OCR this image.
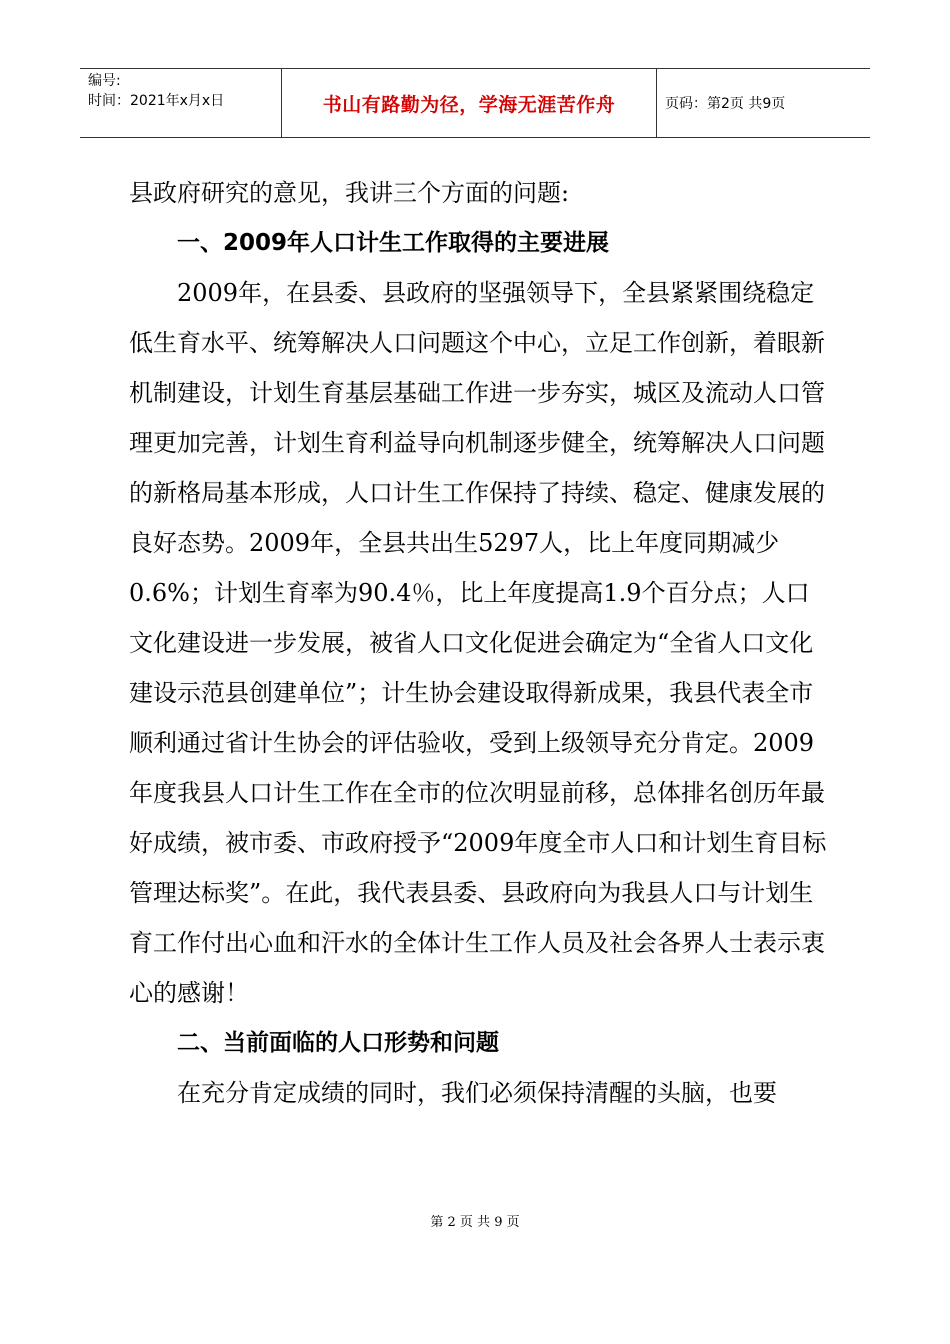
编号:
时间：2021年x月x日	书山有路勤为径，学海无涯苦作舟	页码：第2页 共9页

县政府研究的意见，我讲三个方面的问题:

一、2009年人口计生工作取得的主要进展

2009年，在县委、县政府的坚强领导下，全县紧紧围绕稳定低生育水平、统筹解决人口问题这个中心，立足工作创新，着眼新机制建设，计划生育基层基础工作进一步夯实，城区及流动人口管理更加完善，计划生育利益导向机制逐步健全，统筹解决人口问题的新格局基本形成，人口计生工作保持了持续、稳定、健康发展的良好态势。2009年，全县共出生5297人，比上年度同期减少0.6%；计划生育率为90.4％，比上年度提高1.9个百分点；人口文化建设进一步发展，被省人口文化促进会确定为“全省人口文化建设示范县创建单位”；计生协会建设取得新成果，我县代表全市顺利通过省计生协会的评估验收，受到上级领导充分肯定。2009年度我县人口计生工作在全市的位次明显前移，总体排名创历年最好成绩，被市委、市政府授予“2009年度全市人口和计划生育目标管理达标奖”。在此，我代表县委、县政府向为我县人口与计划生育工作付出心血和汗水的全体计生工作人员及社会各界人士表示衷心的感谢！

二、当前面临的人口形势和问题

在充分肯定成绩的同时，我们必须保持清醒的头脑，也要

第 2 页 共 9 页
